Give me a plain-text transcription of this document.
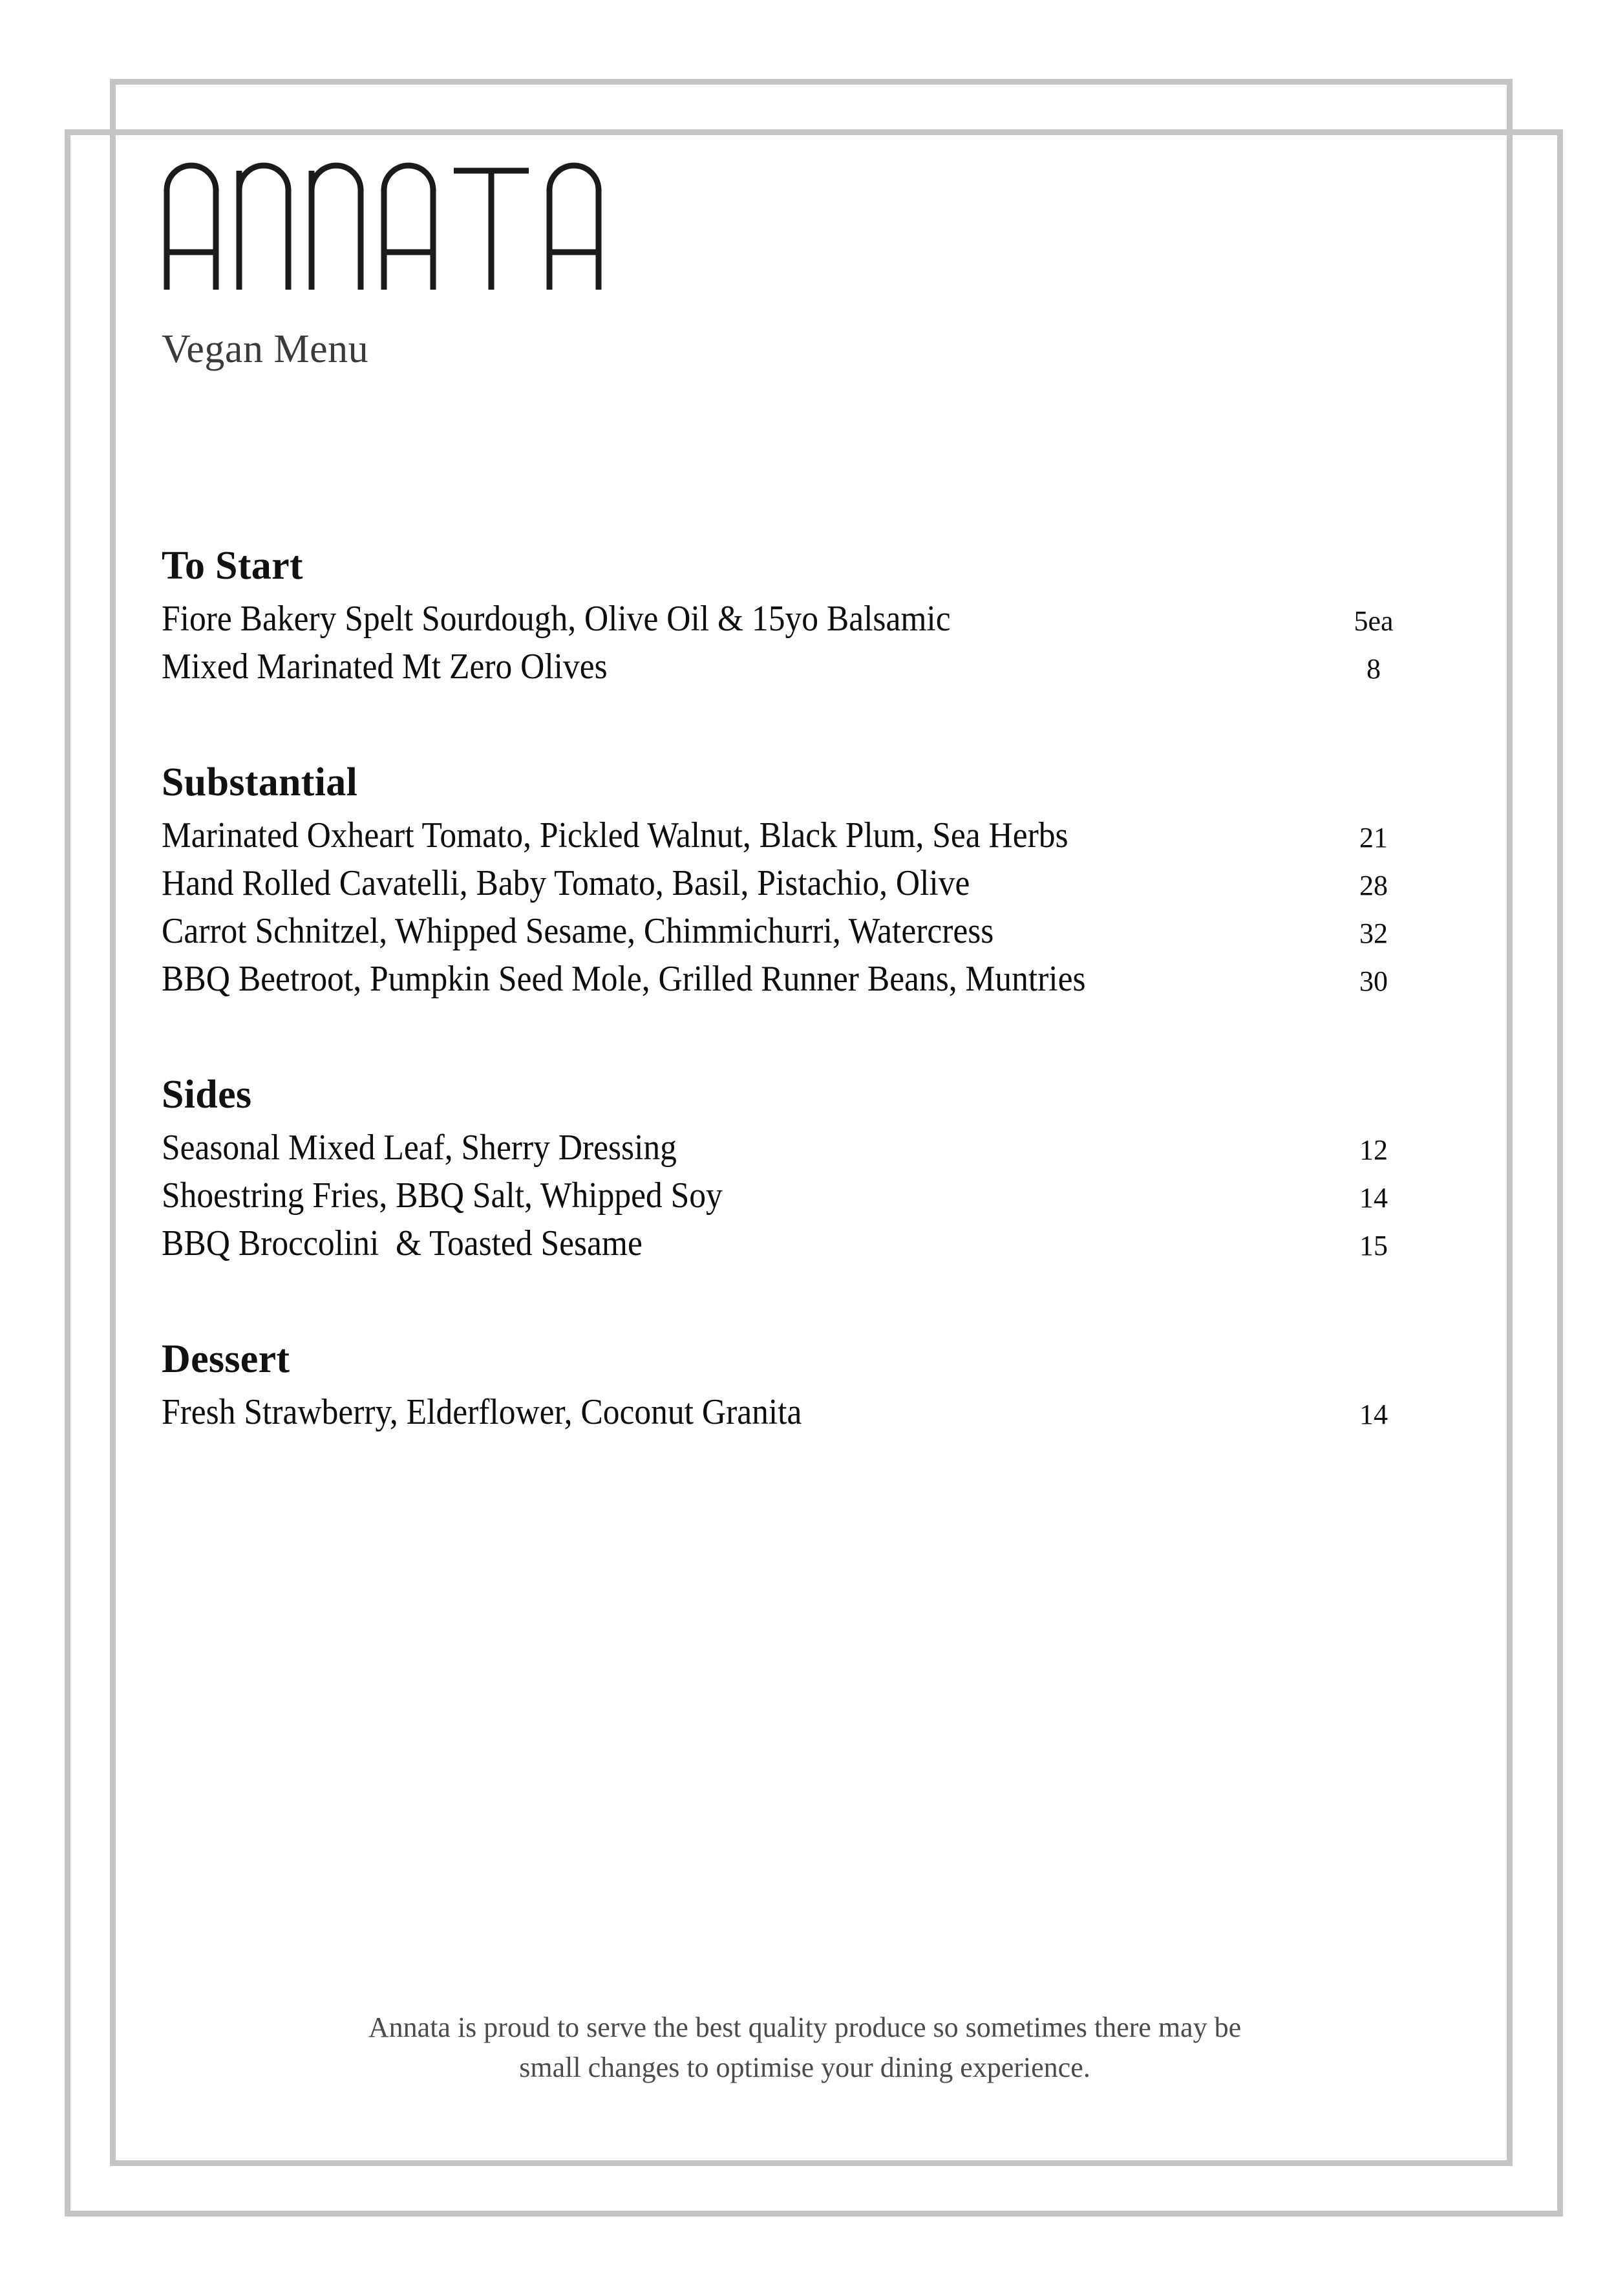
Vegan Menu
To Start
Fiore Bakery Spelt Sourdough, Olive Oil & 15yo Balsamic	5ea
Mixed Marinated Mt Zero Olives	8
Substantial
Marinated Oxheart Tomato, Pickled Walnut, Black Plum, Sea Herbs	21
Hand Rolled Cavatelli, Baby Tomato, Basil, Pistachio, Olive	28
Carrot Schnitzel, Whipped Sesame, Chimmichurri, Watercress	32
BBQ Beetroot, Pumpkin Seed Mole, Grilled Runner Beans, Muntries	30
Sides
Seasonal Mixed Leaf, Sherry Dressing	12
Shoestring Fries, BBQ Salt, Whipped Soy	14
BBQ Broccolini  & Toasted Sesame	15
Dessert
Fresh Strawberry, Elderflower, Coconut Granita	14
Annata is proud to serve the best quality produce so sometimes there may be
small changes to optimise your dining experience.
